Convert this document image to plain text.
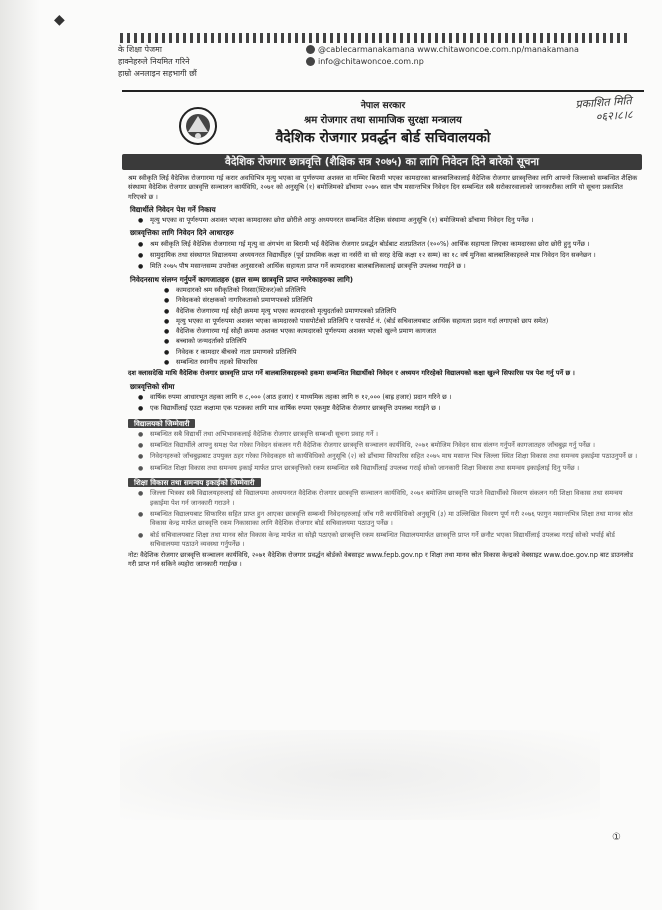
◆
के शिक्षा पेजमा
हाक्नेहरुले नियमित गरिने
हाम्रो अनलाइन सहभागी छौं
@cablecarmanakamana www.chitawoncoe.com.np/manakamana
info@chitawoncoe.com.np
नेपाल सरकार
श्रम रोजगार तथा सामाजिक सुरक्षा मन्त्रालय
वैदेशिक रोजगार प्रवर्द्धन बोर्ड सचिवालयको
प्रकाशित मिति
०६२।८।८
वैदेशिक रोजगार छात्रवृत्ति (शैक्षिक सत्र २०७५) का लागि निवेदन दिने बारेको सूचना

श्रम स्वीकृति लिई वैदेशिक रोजगारमा गई करार अवधिभित्र मृत्यु भएका वा पूर्णरुपमा अशक्त वा गम्भिर बिरामी भएका कामदारका बालबालिकालाई वैदेशिक रोजगार छात्रवृत्तिका लागि आफ्नो जिल्लाको सम्बन्धित शैक्षिक संस्थामा वैदेशिक रोजगार छात्रवृत्ति सञ्चालन कार्यविधि, २०७१ को अनुसूचि (१) बमोजिमको ढाँचामा २०७५ साल पौष मसान्तभित्र निवेदन दिन सम्बन्धित सबै सरोकारवालाको जानकारीका लागि यो सूचना प्रकाशित गरिएको छ ।

विद्यार्थीले निवेदन पेश गर्ने निकाय
● मृत्यु भएका वा पूर्णरुपमा अशक्त भएका कामदारका छोरा छोरीले आफु अध्ययनरत सम्बन्धित शैक्षिक संस्थामा अनुसूचि (१) बमोजिमको ढाँचामा निवेदन दिनु पर्नेछ ।
छात्रवृत्तिका लागि निवेदन दिने आधारहरु
● श्रम स्वीकृति लिई वैदेशिक रोजगारमा गई मृत्यु वा अंगभंग वा बिरामी भई वैदेशिक रोजगार प्रवर्द्धन बोर्डबाट शतप्रतिशत (१००%) आर्थिक सहायता लिएका कामदारका छोरा छोरी हुनु पर्नेछ ।
● सामुदायिक तथा संस्थागत विद्यालयमा अध्ययनरत विद्यार्थीहरु (पूर्व प्राथमिक कक्षा वा नर्सरी वा सो सरह देखि कक्षा १२ सम्म) का १८ वर्ष मुनिका बालबालिकाहरुले मात्र निवेदन दिन सक्नेछन ।
● मिति २०७५ पौष मसान्तसम्म उपरोक्त अनुसारको आर्थिक सहायता प्राप्त गर्ने कामदारका बालबालिकालाई छात्रवृत्ति उपलब्ध गराईने छ ।
निवेदनसाथ संलग्न गर्नुपर्ने कागजातहरु (हाल सम्म छात्रवृत्ति प्राप्त नगरेकाहरुका लागि)
● कामदारको श्रम स्वीकृतिको निस्सा(स्टिकर)को प्रतिलिपि
● निवेदकको संरक्षकको नागरिकताको प्रमाणपत्रको प्रतिलिपि
● वैदेशिक रोजगारमा गई सोही क्रममा मृत्यु भएका कामदारको मृत्युदर्ताको प्रमाणपत्रको प्रतिलिपि
● मृत्यु भएका वा पूर्णरुपमा अशक्त भएका कामदारको पासपोर्टको प्रतिलिपि र पासपोर्ट नं. (बोर्ड सचिवालयबाट आर्थिक सहायता प्रदान गर्दा लगाएको छाप समेत)
● वैदेशिक रोजगारमा गई सोही क्रममा अशक्त भएका कामदारको पूर्णरुपमा अशक्त भएको खुल्ने प्रमाण कागजात
● बच्चाको जन्मदर्ताको प्रतिलिपि
● निवेदक र कामदार बीचको नाता प्रमाणको प्रतिलिपि
● सम्बन्धित स्थानीय तहको सिफारिस

दश क्लासदेखि माथि वैदेशिक रोजगार छात्रवृत्ति प्राप्त गर्ने बालबालिकाहरुको हकमा सम्बन्धित विद्यार्थीको निवेदन र अध्ययन गरिरहेको विद्यालयको कक्षा खुल्ने सिफारिस पत्र पेश गर्नु पर्ने छ ।

छात्रवृत्तिको सीमा
● वार्षिक रुपमा आधारभूत तहका लागि रु ८,००० (आठ हजार) र माध्यमिक तहका लागि रु १२,००० (बाह्र हजार) प्रदान गरिने छ ।
● एक विद्यार्थीलाई एउटा कक्षामा एक पटकका लागि मात्र वार्षिक रुपमा एकमुष्ट वैदेशिक रोजगार छात्रवृत्ति उपलब्ध गराईने छ ।
विद्यालयको जिम्मेवारी
● सम्बन्धित सबै विद्यार्थी तथा अभिभावकलाई वैदेशिक रोजगार छात्रवृत्ति सम्बन्धी सूचना प्रवाह गर्ने ।
● सम्बन्धित विद्यार्थीले आफ्नु समक्ष पेश गरेका निवेदन संकलन गरी वैदेशिक रोजगार छात्रवृत्ति सञ्चालन कार्यविधि, २०७१ बमोजिम निवेदन साथ संलग्न गर्नुपर्ने कागजातहरु जाँचबुझ गर्नु पर्नेछ ।
● निवेदनहरुको जाँचबुझबाट उपयुक्त ठहर गरेका निवेदकहरु सो कार्यविधिको अनुसूचि (२) को ढाँचामा सिफारिस सहित २०७५ माघ मसान्त भित्र जिल्ला स्थित शिक्षा विकास तथा समन्वय इकाईमा पठाउनुपर्ने छ ।
● सम्बन्धित शिक्षा विकास तथा समन्वय इकाई मार्फत प्राप्त छात्रवृत्तिको रकम सम्बन्धित सबै विद्यार्थीलाई उपलब्ध गराई सोको जानकारी शिक्षा विकास तथा समन्वय इकाईलाई दिनु पर्नेछ ।
शिक्षा विकास तथा समन्वय इकाईको जिम्मेवारी
● जिल्ला भित्रका सबै विद्यालयहरुलाई सो विद्यालयमा अध्ययनरत वैदेशिक रोजगार छात्रवृत्ति सञ्चालन कार्यविधि, २०७१ बमोजिम छात्रवृत्ति पाउने विद्यार्थीको विवरण संकलन गरी शिक्षा विकास तथा समन्वय इकाईमा पेश गर्न जानकारी गराउने ।
● सम्बन्धित विद्यालयबाट सिफारिस सहित प्राप्त हुन आएका छात्रवृत्ति सम्बन्धी निवेदनहरुलाई जाँच गरी कार्यविधिको अनुसूचि (३) मा उल्लिखित विवरण पूर्ण गरी २०७६ फागुन मसान्तभित्र शिक्षा तथा मानव स्रोत विकास केन्द्र मार्फत छात्रवृत्ति रकम निकासाका लागि वैदेशिक रोजगार बोर्ड सचिवालयमा पठाउनु पर्नेछ ।
● बोर्ड सचिवालयबाट शिक्षा तथा मानव स्रोत विकास केन्द्र मार्फत वा सोझै पठाएको छात्रवृत्ति रकम सम्बन्धित विद्यालयमार्फत छात्रवृत्ति प्राप्त गर्ने छनौट भएका विद्यार्थीलाई उपलब्ध गराई सोको भर्पाई बोर्ड सचिवालयमा पठाउने व्यवस्था गर्नुपर्नेछ ।

नोटः वैदेशिक रोजगार छात्रवृत्ति सञ्चालन कार्यविधि, २०७१ वैदेशिक रोजगार प्रवर्द्धन बोर्डको वेबसाइट www.fepb.gov.np र शिक्षा तथा मानव स्रोत विकास केन्द्रको वेबसाइट www.doe.gov.np बाट डाउनलोड गरी प्राप्त गर्न सकिने व्यहोरा जानकारी गराईन्छ ।

①
